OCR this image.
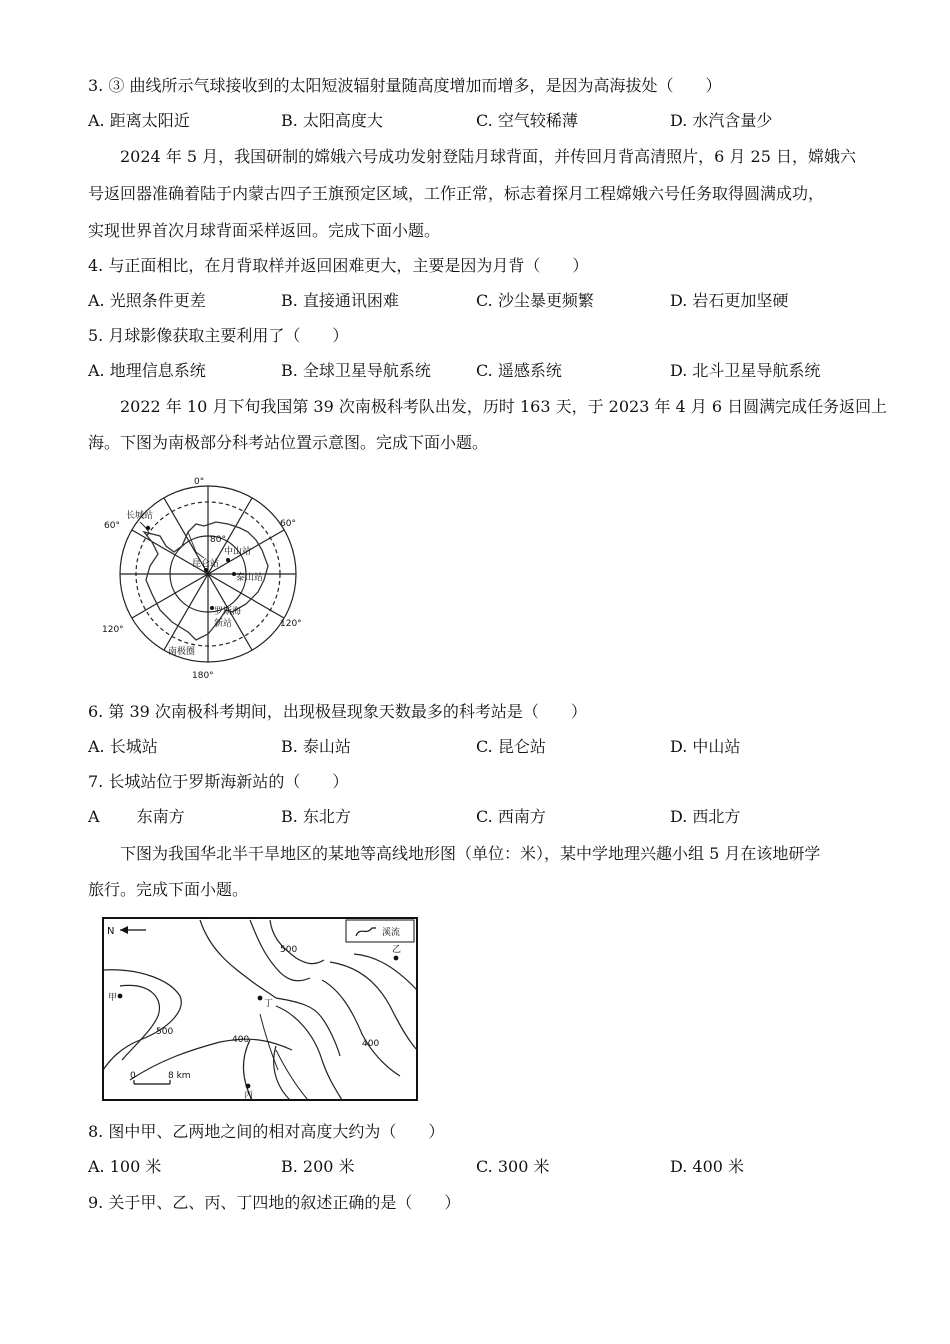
3. ③ 曲线所示气球接收到的太阳短波辐射量随高度增加而增多，是因为高海拔处（　　）
A. 距离太阳近	B. 太阳高度大	C. 空气较稀薄	D. 水汽含量少
2024 年 5 月，我国研制的嫦娥六号成功发射登陆月球背面，并传回月背高清照片，6 月 25 日，嫦娥六
号返回器准确着陆于内蒙古四子王旗预定区域，工作正常，标志着探月工程嫦娥六号任务取得圆满成功，
实现世界首次月球背面采样返回。完成下面小题。
4. 与正面相比，在月背取样并返回困难更大，主要是因为月背（　　）
A. 光照条件更差	B. 直接通讯困难	C. 沙尘暴更频繁	D. 岩石更加坚硬
5. 月球影像获取主要利用了（　　）
A. 地理信息系统	B. 全球卫星导航系统	C. 遥感系统	D. 北斗卫星导航系统
2022 年 10 月下旬我国第 39 次南极科考队出发，历时 163 天，于 2023 年 4 月 6 日圆满完成任务返回上
海。下图为南极部分科考站位置示意图。完成下面小题。
0°
60°	60°
80°
120°
120°
180°
长城站
中山站
昆仑站
泰山站
罗斯海
新站
南极圈
6. 第 39 次南极科考期间，出现极昼现象天数最多的科考站是（　　）
A. 长城站	B. 泰山站	C. 昆仑站	D. 中山站
7. 长城站位于罗斯海新站的（　　）
A 　　东南方	B. 东北方	C. 西南方	D. 西北方
下图为我国华北半干旱地区的某地等高线地形图（单位：米），某中学地理兴趣小组 5 月在该地研学
旅行。完成下面小题。
N	溪流
500
500
400	400
甲
乙
丁
丙
0	8 km
8. 图中甲、乙两地之间的相对高度大约为（　　）
A. 100 米	B. 200 米	C. 300 米	D. 400 米
9. 关于甲、乙、丙、丁四地的叙述正确的是（　　）
